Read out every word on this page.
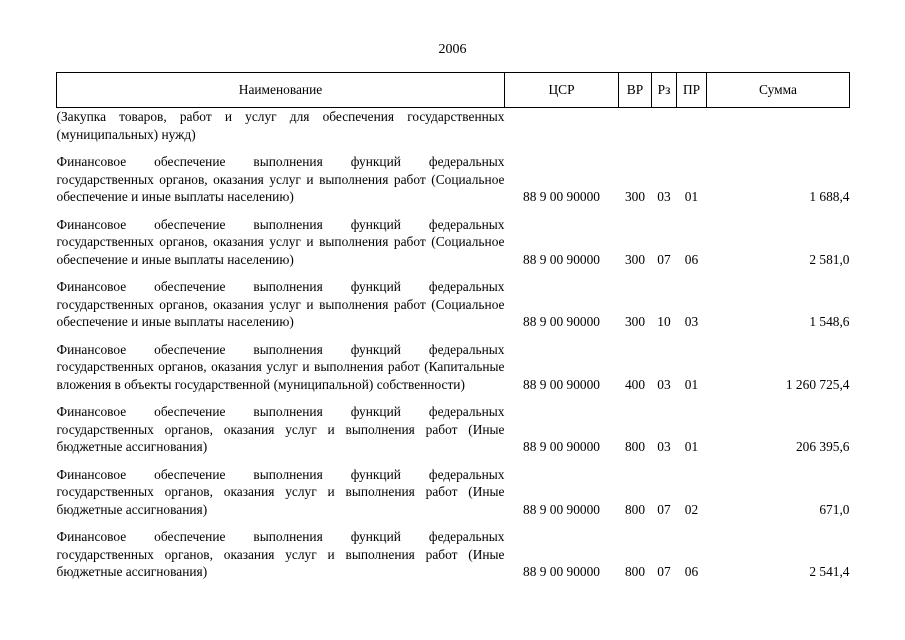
2006
Наименование	ЦСР	ВР	Рз	ПР	Сумма
(Закупка товаров, работ и услуг для обеспечения государственных (муниципальных) нужд)					

Финансовое обеспечение выполнения функций федеральных государственных органов, оказания услуг и выполнения работ (Социальное обеспечение и иные выплаты населению)	88 9 00 90000	300	03	01	1 688,4

Финансовое обеспечение выполнения функций федеральных государственных органов, оказания услуг и выполнения работ (Социальное обеспечение и иные выплаты населению)	88 9 00 90000	300	07	06	2 581,0

Финансовое обеспечение выполнения функций федеральных государственных органов, оказания услуг и выполнения работ (Социальное обеспечение и иные выплаты населению)	88 9 00 90000	300	10	03	1 548,6

Финансовое обеспечение выполнения функций федеральных государственных органов, оказания услуг и выполнения работ (Капитальные вложения в объекты государственной (муниципальной) собственности)	88 9 00 90000	400	03	01	1 260 725,4

Финансовое обеспечение выполнения функций федеральных государственных органов, оказания услуг и выполнения работ (Иные бюджетные ассигнования)	88 9 00 90000	800	03	01	206 395,6

Финансовое обеспечение выполнения функций федеральных государственных органов, оказания услуг и выполнения работ (Иные бюджетные ассигнования)	88 9 00 90000	800	07	02	671,0

Финансовое обеспечение выполнения функций федеральных государственных органов, оказания услуг и выполнения работ (Иные бюджетные ассигнования)	88 9 00 90000	800	07	06	2 541,4
